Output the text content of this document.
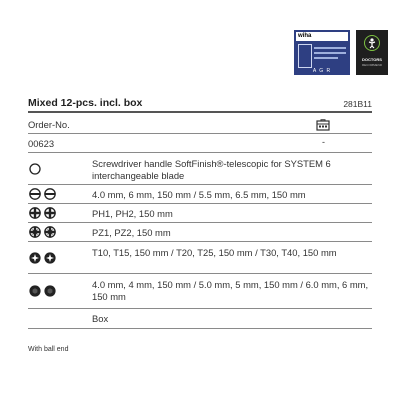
wiha
A G R
DOCTORS
RECOMMEND
Mixed 12-pcs. incl. box	281B11
Order-No.
00623	-
Screwdriver handle SoftFinish®-telescopic for SYSTEM 6 interchangeable blade
4.0 mm, 6 mm, 150 mm / 5.5 mm, 6.5 mm, 150 mm
PH1, PH2, 150 mm
PZ1, PZ2, 150 mm
T10, T15, 150 mm / T20, T25, 150 mm / T30, T40, 150 mm
4.0 mm, 4 mm, 150 mm / 5.0 mm, 5 mm, 150 mm / 6.0 mm, 6 mm, 150 mm
Box
With ball end
